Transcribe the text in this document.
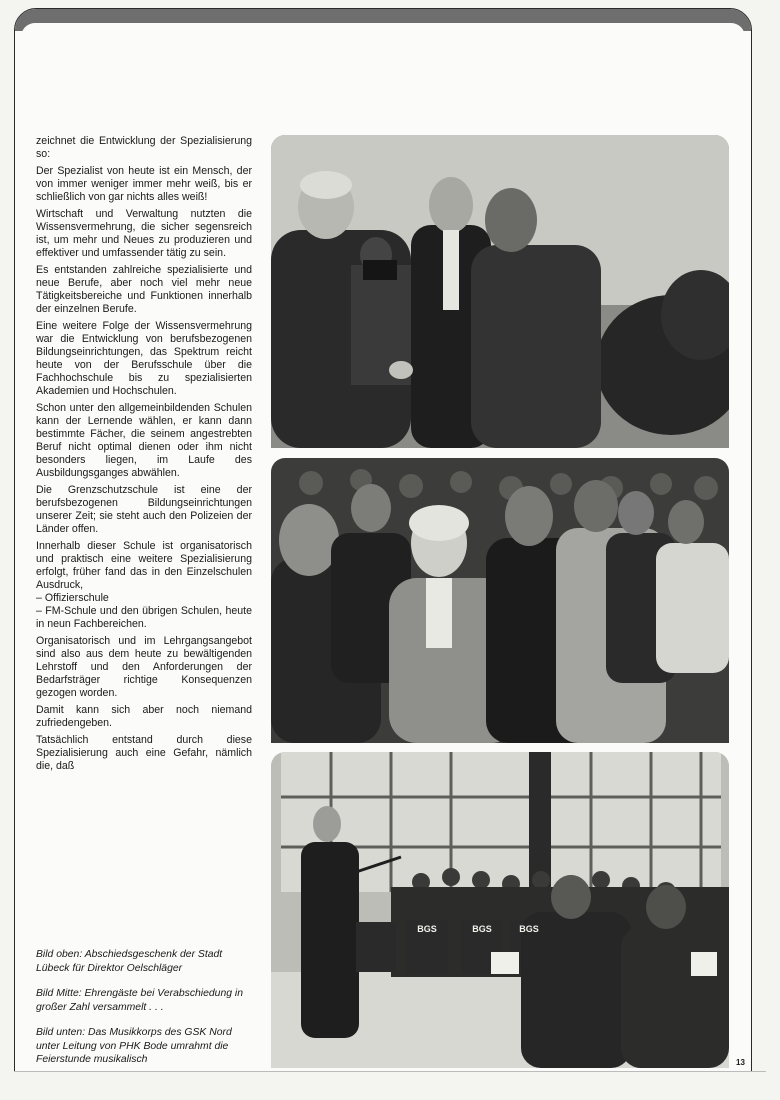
zeichnet die Entwicklung der Spezialisierung so:

Der Spezialist von heute ist ein Mensch, der von immer weniger immer mehr weiß, bis er schließlich von gar nichts alles weiß!

Wirtschaft und Verwaltung nutzten die Wissensvermehrung, die sicher segensreich ist, um mehr und Neues zu produzieren und effektiver und umfassender tätig zu sein.

Es entstanden zahlreiche spezialisierte und neue Berufe, aber noch viel mehr neue Tätigkeitsbereiche und Funktionen innerhalb der einzelnen Berufe.

Eine weitere Folge der Wissensvermehrung war die Entwicklung von berufsbezogenen Bildungseinrichtungen, das Spektrum reicht heute von der Berufsschule über die Fachhochschule bis zu spezialisierten Akademien und Hochschulen.

Schon unter den allgemeinbildenden Schulen kann der Lernende wählen, er kann dann bestimmte Fächer, die seinem angestrebten Beruf nicht optimal dienen oder ihm nicht besonders liegen, im Laufe des Ausbildungsganges abwählen.

Die Grenzschutzschule ist eine der berufsbezogenen Bildungseinrichtungen unserer Zeit; sie steht auch den Polizeien der Länder offen.

Innerhalb dieser Schule ist organisatorisch und praktisch eine weitere Spezialisierung erfolgt, früher fand das in den Einzelschulen Ausdruck,

– Offizierschule

– FM-Schule und den übrigen Schulen, heute in neun Fachbereichen.

Organisatorisch und im Lehrgangsangebot sind also aus dem heute zu bewältigenden Lehrstoff und den Anforderungen der Bedarfsträger richtige Konsequenzen gezogen worden.

Damit kann sich aber noch niemand zufriedengeben.

Tatsächlich entstand durch diese Spezialisierung auch eine Gefahr, nämlich die, daß

BGS	BGS	BGS

Bild oben: Abschiedsgeschenk der Stadt Lübeck für Direktor Oelschläger

Bild Mitte: Ehrengäste bei Verabschiedung in großer Zahl versammelt . . .

Bild unten: Das Musikkorps des GSK Nord unter Leitung von PHK Bode umrahmt die Feierstunde musikalisch	13
